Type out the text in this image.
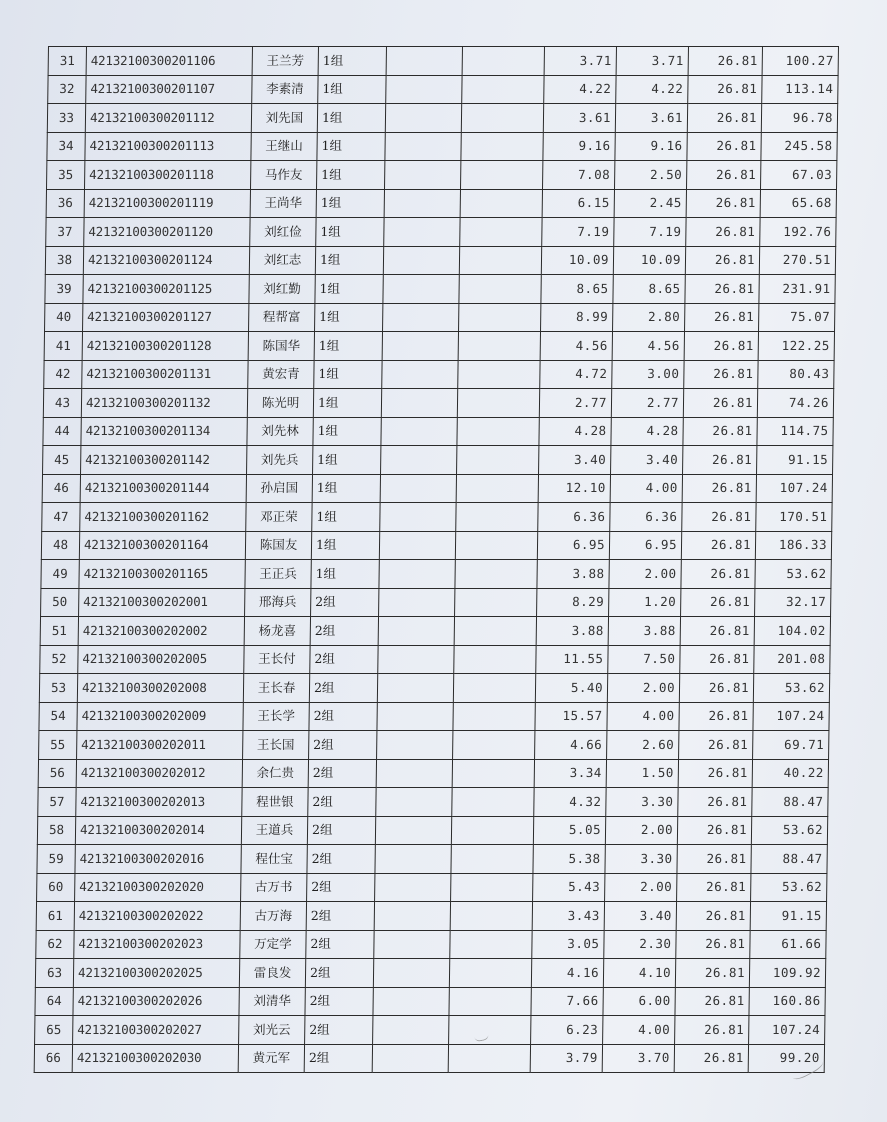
31	42132100300201106	王兰芳	1组			3.71	3.71	26.81	100.27
32	42132100300201107	李素清	1组			4.22	4.22	26.81	113.14
33	42132100300201112	刘先国	1组			3.61	3.61	26.81	96.78
34	42132100300201113	王继山	1组			9.16	9.16	26.81	245.58
35	42132100300201118	马作友	1组			7.08	2.50	26.81	67.03
36	42132100300201119	王尚华	1组			6.15	2.45	26.81	65.68
37	42132100300201120	刘红俭	1组			7.19	7.19	26.81	192.76
38	42132100300201124	刘红志	1组			10.09	10.09	26.81	270.51
39	42132100300201125	刘红勤	1组			8.65	8.65	26.81	231.91
40	42132100300201127	程帮富	1组			8.99	2.80	26.81	75.07
41	42132100300201128	陈国华	1组			4.56	4.56	26.81	122.25
42	42132100300201131	黄宏青	1组			4.72	3.00	26.81	80.43
43	42132100300201132	陈光明	1组			2.77	2.77	26.81	74.26
44	42132100300201134	刘先林	1组			4.28	4.28	26.81	114.75
45	42132100300201142	刘先兵	1组			3.40	3.40	26.81	91.15
46	42132100300201144	孙启国	1组			12.10	4.00	26.81	107.24
47	42132100300201162	邓正荣	1组			6.36	6.36	26.81	170.51
48	42132100300201164	陈国友	1组			6.95	6.95	26.81	186.33
49	42132100300201165	王正兵	1组			3.88	2.00	26.81	53.62
50	42132100300202001	邢海兵	2组			8.29	1.20	26.81	32.17
51	42132100300202002	杨龙喜	2组			3.88	3.88	26.81	104.02
52	42132100300202005	王长付	2组			11.55	7.50	26.81	201.08
53	42132100300202008	王长春	2组			5.40	2.00	26.81	53.62
54	42132100300202009	王长学	2组			15.57	4.00	26.81	107.24
55	42132100300202011	王长国	2组			4.66	2.60	26.81	69.71
56	42132100300202012	余仁贵	2组			3.34	1.50	26.81	40.22
57	42132100300202013	程世银	2组			4.32	3.30	26.81	88.47
58	42132100300202014	王道兵	2组			5.05	2.00	26.81	53.62
59	42132100300202016	程仕宝	2组			5.38	3.30	26.81	88.47
60	42132100300202020	古万书	2组			5.43	2.00	26.81	53.62
61	42132100300202022	古万海	2组			3.43	3.40	26.81	91.15
62	42132100300202023	万定学	2组			3.05	2.30	26.81	61.66
63	42132100300202025	雷良发	2组			4.16	4.10	26.81	109.92
64	42132100300202026	刘清华	2组			7.66	6.00	26.81	160.86
65	42132100300202027	刘光云	2组			6.23	4.00	26.81	107.24
66	42132100300202030	黄元军	2组			3.79	3.70	26.81	99.20
